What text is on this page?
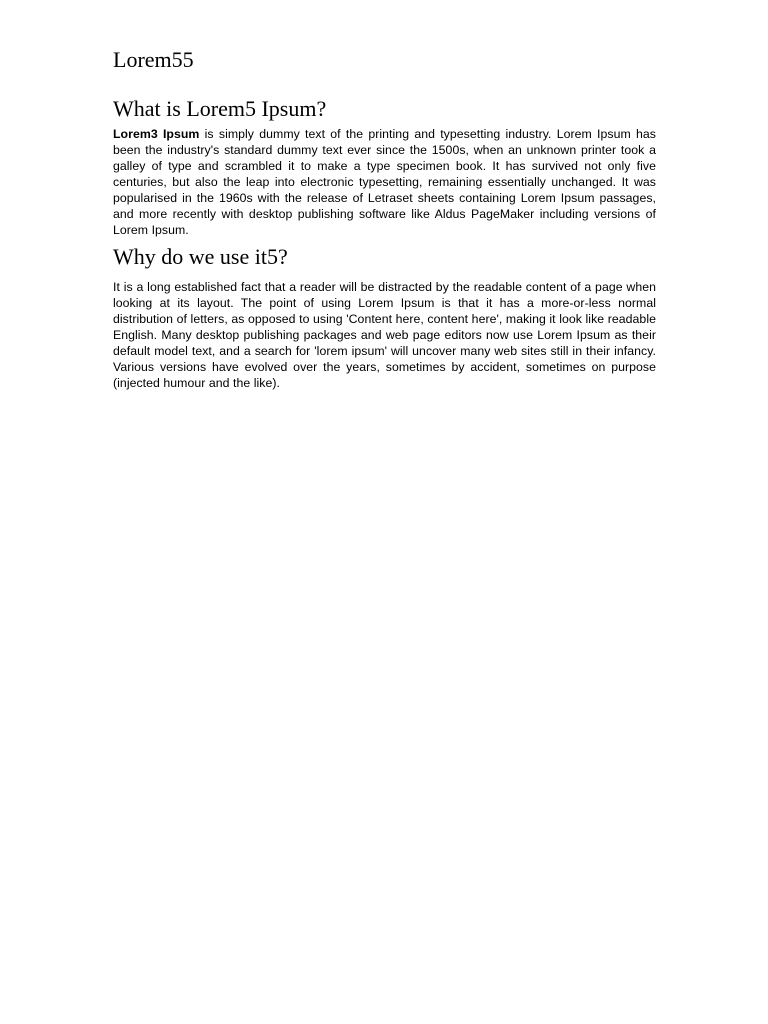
Lorem55
What is Lorem5 Ipsum?

Lorem3 Ipsum is simply dummy text of the printing and typesetting industry. Lorem Ipsum has been the industry's standard dummy text ever since the 1500s, when an unknown printer took a galley of type and scrambled it to make a type specimen book. It has survived not only five centuries, but also the leap into electronic typesetting, remaining essentially unchanged. It was popularised in the 1960s with the release of Letraset sheets containing Lorem Ipsum passages, and more recently with desktop publishing software like Aldus PageMaker including versions of Lorem Ipsum.

Why do we use it5?

It is a long established fact that a reader will be distracted by the readable content of a page when looking at its layout. The point of using Lorem Ipsum is that it has a more-or-less normal distribution of letters, as opposed to using 'Content here, content here', making it look like readable English. Many desktop publishing packages and web page editors now use Lorem Ipsum as their default model text, and a search for 'lorem ipsum' will uncover many web sites still in their infancy. Various versions have evolved over the years, sometimes by accident, sometimes on purpose (injected humour and the like).
